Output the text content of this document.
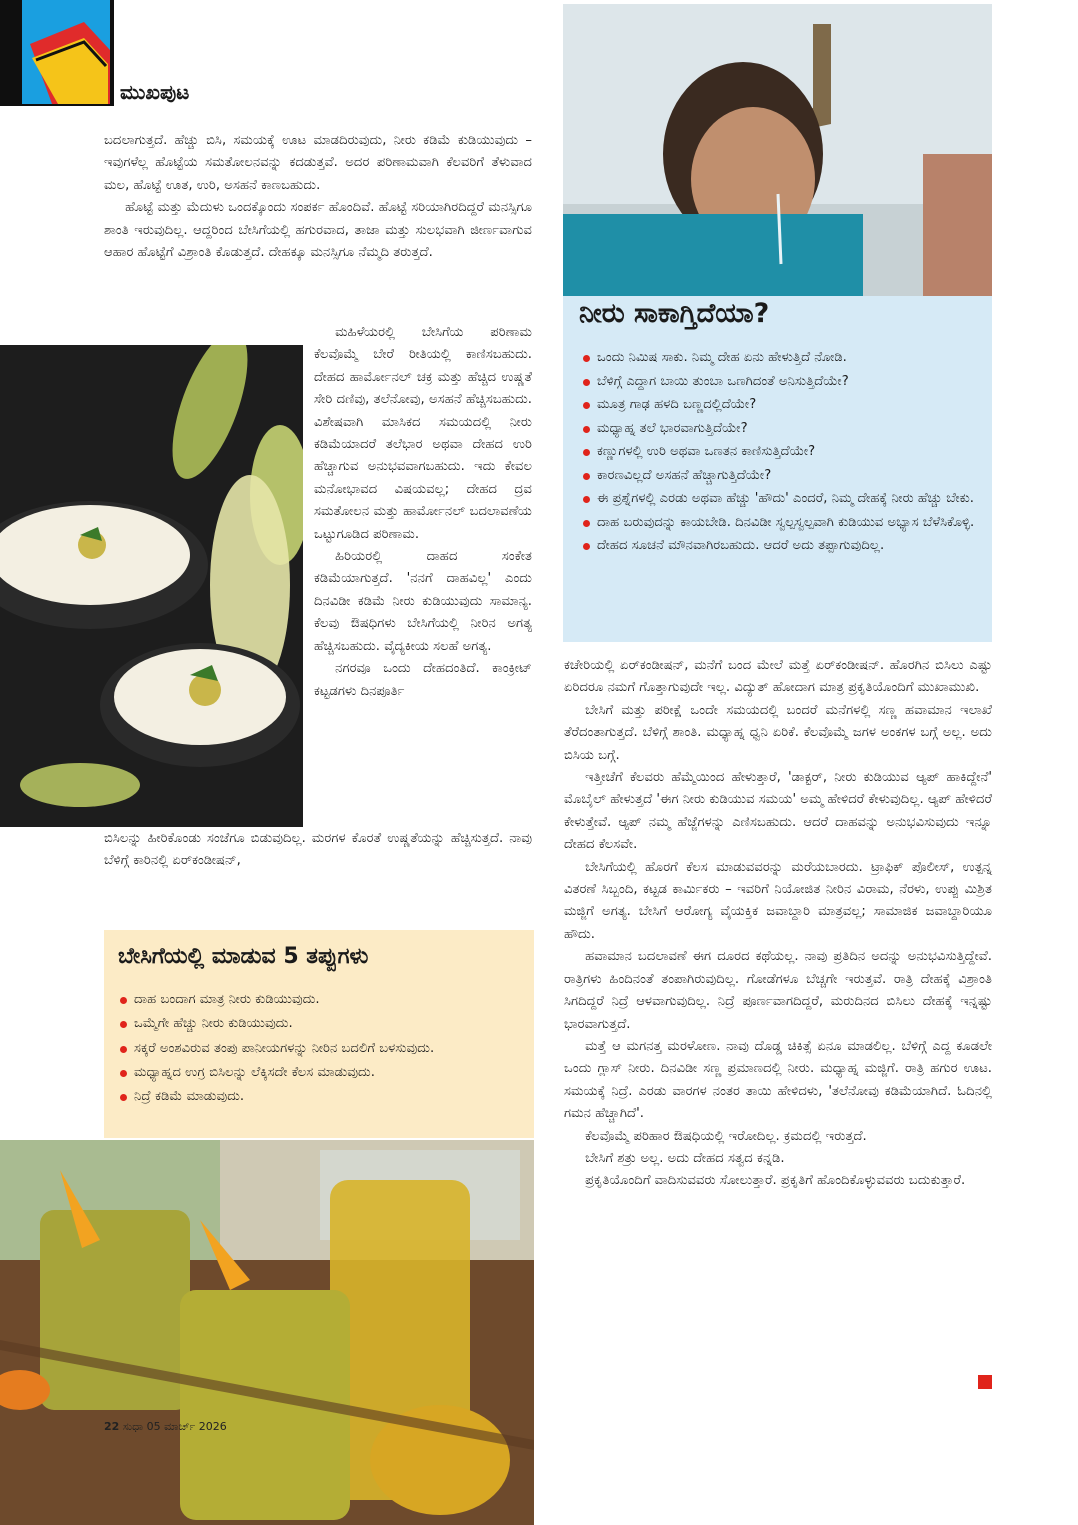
ಮುಖಪುಟ

ಬದಲಾಗುತ್ತದೆ. ಹೆಚ್ಚು ಬಿಸಿ, ಸಮಯಕ್ಕೆ ಊಟ ಮಾಡದಿರುವುದು, ನೀರು ಕಡಿಮೆ ಕುಡಿಯುವುದು – ಇವುಗಳೆಲ್ಲ ಹೊಟ್ಟೆಯ ಸಮತೋಲನವನ್ನು ಕದಡುತ್ತವೆ. ಅದರ ಪರಿಣಾಮವಾಗಿ ಕೆಲವರಿಗೆ ತೆಳುವಾದ ಮಲ, ಹೊಟ್ಟೆ ಊತ, ಉರಿ, ಅಸಹನೆ ಕಾಣಬಹುದು.

ಹೊಟ್ಟೆ ಮತ್ತು ಮೆದುಳು ಒಂದಕ್ಕೊಂದು ಸಂಪರ್ಕ ಹೊಂದಿವೆ. ಹೊಟ್ಟೆ ಸರಿಯಾಗಿರದಿದ್ದರೆ ಮನಸ್ಸಿಗೂ ಶಾಂತಿ ಇರುವುದಿಲ್ಲ. ಆದ್ದರಿಂದ ಬೇಸಿಗೆಯಲ್ಲಿ ಹಗುರವಾದ, ತಾಜಾ ಮತ್ತು ಸುಲಭವಾಗಿ ಜೀರ್ಣವಾಗುವ ಆಹಾರ ಹೊಟ್ಟೆಗೆ ವಿಶ್ರಾಂತಿ ಕೊಡುತ್ತದೆ. ದೇಹಕ್ಕೂ ಮನಸ್ಸಿಗೂ ನೆಮ್ಮದಿ ತರುತ್ತದೆ.

ಮಹಿಳೆಯರಲ್ಲಿ ಬೇಸಿಗೆಯ ಪರಿಣಾಮ ಕೆಲವೊಮ್ಮೆ ಬೇರೆ ರೀತಿಯಲ್ಲಿ ಕಾಣಿಸಬಹುದು. ದೇಹದ ಹಾರ್ಮೋನಲ್ ಚಕ್ರ ಮತ್ತು ಹೆಚ್ಚಿದ ಉಷ್ಣತೆ ಸೇರಿ ದಣಿವು, ತಲೆನೋವು, ಅಸಹನೆ ಹೆಚ್ಚಿಸಬಹುದು. ವಿಶೇಷವಾಗಿ ಮಾಸಿಕದ ಸಮಯದಲ್ಲಿ ನೀರು ಕಡಿಮೆಯಾದರೆ ತಲೆಭಾರ ಅಥವಾ ದೇಹದ ಉರಿ ಹೆಚ್ಚಾಗುವ ಅನುಭವವಾಗಬಹುದು. ಇದು ಕೇವಲ ಮನೋಭಾವದ ವಿಷಯವಲ್ಲ; ದೇಹದ ದ್ರವ ಸಮತೋಲನ ಮತ್ತು ಹಾರ್ಮೋನಲ್ ಬದಲಾವಣೆಯ ಒಟ್ಟುಗೂಡಿದ ಪರಿಣಾಮ.

ಹಿರಿಯರಲ್ಲಿ ದಾಹದ ಸಂಕೇತ ಕಡಿಮೆಯಾಗುತ್ತದೆ. 'ನನಗೆ ದಾಹವಿಲ್ಲ' ಎಂದು ದಿನವಿಡೀ ಕಡಿಮೆ ನೀರು ಕುಡಿಯುವುದು ಸಾಮಾನ್ಯ. ಕೆಲವು ಔಷಧಿಗಳು ಬೇಸಿಗೆಯಲ್ಲಿ ನೀರಿನ ಅಗತ್ಯ ಹೆಚ್ಚಿಸಬಹುದು. ವೈದ್ಯಕೀಯ ಸಲಹೆ ಅಗತ್ಯ.

ನಗರವೂ ಒಂದು ದೇಹದಂತಿದೆ. ಕಾಂಕ್ರೀಟ್ ಕಟ್ಟಡಗಳು ದಿನಪೂರ್ತಿ

ಬಿಸಿಲನ್ನು ಹೀರಿಕೊಂಡು ಸಂಜೆಗೂ ಬಿಡುವುದಿಲ್ಲ. ಮರಗಳ ಕೊರತೆ ಉಷ್ಣತೆಯನ್ನು ಹೆಚ್ಚಿಸುತ್ತದೆ. ನಾವು ಬೆಳಿಗ್ಗೆ ಕಾರಿನಲ್ಲಿ ಏರ್‌ಕಂಡೀಷನ್,

ಬೇಸಿಗೆಯಲ್ಲಿ ಮಾಡುವ 5 ತಪ್ಪುಗಳು
ದಾಹ ಬಂದಾಗ ಮಾತ್ರ ನೀರು ಕುಡಿಯುವುದು.
ಒಮ್ಮೆಗೇ ಹೆಚ್ಚು ನೀರು ಕುಡಿಯುವುದು.
ಸಕ್ಕರೆ ಅಂಶವಿರುವ ತಂಪು ಪಾನೀಯಗಳನ್ನು ನೀರಿನ ಬದಲಿಗೆ ಬಳಸುವುದು.
ಮಧ್ಯಾಹ್ನದ ಉಗ್ರ ಬಿಸಿಲನ್ನು ಲೆಕ್ಕಿಸದೇ ಕೆಲಸ ಮಾಡುವುದು.
ನಿದ್ರೆ ಕಡಿಮೆ ಮಾಡುವುದು.
22 ಸುಧಾ 05 ಮಾರ್ಚ್ 2026
ನೀರು ಸಾಕಾಗ್ತಿದೆಯಾ?
ಒಂದು ನಿಮಿಷ ಸಾಕು. ನಿಮ್ಮ ದೇಹ ಏನು ಹೇಳುತ್ತಿದೆ ನೋಡಿ.
ಬೆಳಿಗ್ಗೆ ಎದ್ದಾಗ ಬಾಯಿ ತುಂಬಾ ಒಣಗಿದಂತೆ ಅನಿಸುತ್ತಿದೆಯೇ?
ಮೂತ್ರ ಗಾಢ ಹಳದಿ ಬಣ್ಣದಲ್ಲಿದೆಯೇ?
ಮಧ್ಯಾಹ್ನ ತಲೆ ಭಾರವಾಗುತ್ತಿದೆಯೇ?
ಕಣ್ಣುಗಳಲ್ಲಿ ಉರಿ ಅಥವಾ ಒಣತನ ಕಾಣಿಸುತ್ತಿದೆಯೇ?
ಕಾರಣವಿಲ್ಲದೆ ಅಸಹನೆ ಹೆಚ್ಚಾಗುತ್ತಿದೆಯೇ?
ಈ ಪ್ರಶ್ನೆಗಳಲ್ಲಿ ಎರಡು ಅಥವಾ ಹೆಚ್ಚು 'ಹೌದು' ಎಂದರೆ, ನಿಮ್ಮ ದೇಹಕ್ಕೆ ನೀರು ಹೆಚ್ಚು ಬೇಕು.
ದಾಹ ಬರುವುದನ್ನು ಕಾಯಬೇಡಿ. ದಿನವಿಡೀ ಸ್ವಲ್ಪಸ್ವಲ್ಪವಾಗಿ ಕುಡಿಯುವ ಅಭ್ಯಾಸ ಬೆಳೆಸಿಕೊಳ್ಳಿ.
ದೇಹದ ಸೂಚನೆ ಮೌನವಾಗಿರಬಹುದು. ಆದರೆ ಅದು ತಪ್ಪಾಗುವುದಿಲ್ಲ.

ಕಚೇರಿಯಲ್ಲಿ ಏರ್‌ಕಂಡೀಷನ್, ಮನೆಗೆ ಬಂದ ಮೇಲೆ ಮತ್ತೆ ಏರ್‌ಕಂಡೀಷನ್. ಹೊರಗಿನ ಬಿಸಿಲು ಎಷ್ಟು ಏರಿದರೂ ನಮಗೆ ಗೊತ್ತಾಗುವುದೇ ಇಲ್ಲ. ವಿದ್ಯುತ್ ಹೋದಾಗ ಮಾತ್ರ ಪ್ರಕೃತಿಯೊಂದಿಗೆ ಮುಖಾಮುಖಿ.

ಬೇಸಿಗೆ ಮತ್ತು ಪರೀಕ್ಷೆ ಒಂದೇ ಸಮಯದಲ್ಲಿ ಬಂದರೆ ಮನೆಗಳಲ್ಲಿ ಸಣ್ಣ ಹವಾಮಾನ ಇಲಾಖೆ ತೆರೆದಂತಾಗುತ್ತದೆ. ಬೆಳಿಗ್ಗೆ ಶಾಂತಿ. ಮಧ್ಯಾಹ್ನ ಧ್ವನಿ ಏರಿಕೆ. ಕೆಲವೊಮ್ಮೆ ಜಗಳ ಅಂಕಗಳ ಬಗ್ಗೆ ಅಲ್ಲ. ಅದು ಬಿಸಿಯ ಬಗ್ಗೆ.

ಇತ್ತೀಚೆಗೆ ಕೆಲವರು ಹೆಮ್ಮೆಯಿಂದ ಹೇಳುತ್ತಾರೆ, 'ಡಾಕ್ಟರ್, ನೀರು ಕುಡಿಯುವ ಆ್ಯಪ್ ಹಾಕಿದ್ದೇನೆ' ಮೊಬೈಲ್ ಹೇಳುತ್ತದೆ 'ಈಗ ನೀರು ಕುಡಿಯುವ ಸಮಯ' ಅಮ್ಮ ಹೇಳಿದರೆ ಕೇಳುವುದಿಲ್ಲ. ಆ್ಯಪ್ ಹೇಳಿದರೆ ಕೇಳುತ್ತೇವೆ. ಆ್ಯಪ್ ನಮ್ಮ ಹೆಜ್ಜೆಗಳನ್ನು ಎಣಿಸಬಹುದು. ಆದರೆ ದಾಹವನ್ನು ಅನುಭವಿಸುವುದು ಇನ್ನೂ ದೇಹದ ಕೆಲಸವೇ.

ಬೇಸಿಗೆಯಲ್ಲಿ ಹೊರಗೆ ಕೆಲಸ ಮಾಡುವವರನ್ನು ಮರೆಯಬಾರದು. ಟ್ರಾಫಿಕ್ ಪೊಲೀಸ್, ಉತ್ಪನ್ನ ವಿತರಣೆ ಸಿಬ್ಬಂದಿ, ಕಟ್ಟಡ ಕಾರ್ಮಿಕರು – ಇವರಿಗೆ ನಿಯೋಜಿತ ನೀರಿನ ವಿರಾಮ, ನೆರಳು, ಉಪ್ಪು ಮಿಶ್ರಿತ ಮಜ್ಜಿಗೆ ಅಗತ್ಯ. ಬೇಸಿಗೆ ಆರೋಗ್ಯ ವೈಯಕ್ತಿಕ ಜವಾಬ್ದಾರಿ ಮಾತ್ರವಲ್ಲ; ಸಾಮಾಜಿಕ ಜವಾಬ್ದಾರಿಯೂ ಹೌದು.

ಹವಾಮಾನ ಬದಲಾವಣೆ ಈಗ ದೂರದ ಕಥೆಯಲ್ಲ. ನಾವು ಪ್ರತಿದಿನ ಅದನ್ನು ಅನುಭವಿಸುತ್ತಿದ್ದೇವೆ. ರಾತ್ರಿಗಳು ಹಿಂದಿನಂತೆ ತಂಪಾಗಿರುವುದಿಲ್ಲ. ಗೋಡೆಗಳೂ ಬೆಚ್ಚಗೇ ಇರುತ್ತವೆ. ರಾತ್ರಿ ದೇಹಕ್ಕೆ ವಿಶ್ರಾಂತಿ ಸಿಗದಿದ್ದರೆ ನಿದ್ರೆ ಆಳವಾಗುವುದಿಲ್ಲ. ನಿದ್ರೆ ಪೂರ್ಣವಾಗದಿದ್ದರೆ, ಮರುದಿನದ ಬಿಸಿಲು ದೇಹಕ್ಕೆ ಇನ್ನಷ್ಟು ಭಾರವಾಗುತ್ತದೆ.

ಮತ್ತೆ ಆ ಮಗನತ್ತ ಮರಳೋಣ. ನಾವು ದೊಡ್ಡ ಚಿಕಿತ್ಸೆ ಏನೂ ಮಾಡಲಿಲ್ಲ. ಬೆಳಿಗ್ಗೆ ಎದ್ದ ಕೂಡಲೇ ಒಂದು ಗ್ಲಾಸ್ ನೀರು. ದಿನವಿಡೀ ಸಣ್ಣ ಪ್ರಮಾಣದಲ್ಲಿ ನೀರು. ಮಧ್ಯಾಹ್ನ ಮಜ್ಜಿಗೆ. ರಾತ್ರಿ ಹಗುರ ಊಟ. ಸಮಯಕ್ಕೆ ನಿದ್ರೆ. ಎರಡು ವಾರಗಳ ನಂತರ ತಾಯಿ ಹೇಳಿದಳು, 'ತಲೆನೋವು ಕಡಿಮೆಯಾಗಿದೆ. ಓದಿನಲ್ಲಿ ಗಮನ ಹೆಚ್ಚಾಗಿದೆ'.

ಕೆಲವೊಮ್ಮೆ ಪರಿಹಾರ ಔಷಧಿಯಲ್ಲಿ ಇರೋದಿಲ್ಲ. ಕ್ರಮದಲ್ಲಿ ಇರುತ್ತದೆ.

ಬೇಸಿಗೆ ಶತ್ರು ಅಲ್ಲ. ಅದು ದೇಹದ ಸತ್ವದ ಕನ್ನಡಿ.

ಪ್ರಕೃತಿಯೊಂದಿಗೆ ವಾದಿಸುವವರು ಸೋಲುತ್ತಾರೆ. ಪ್ರಕೃತಿಗೆ ಹೊಂದಿಕೊಳ್ಳುವವರು ಬದುಕುತ್ತಾರೆ.
